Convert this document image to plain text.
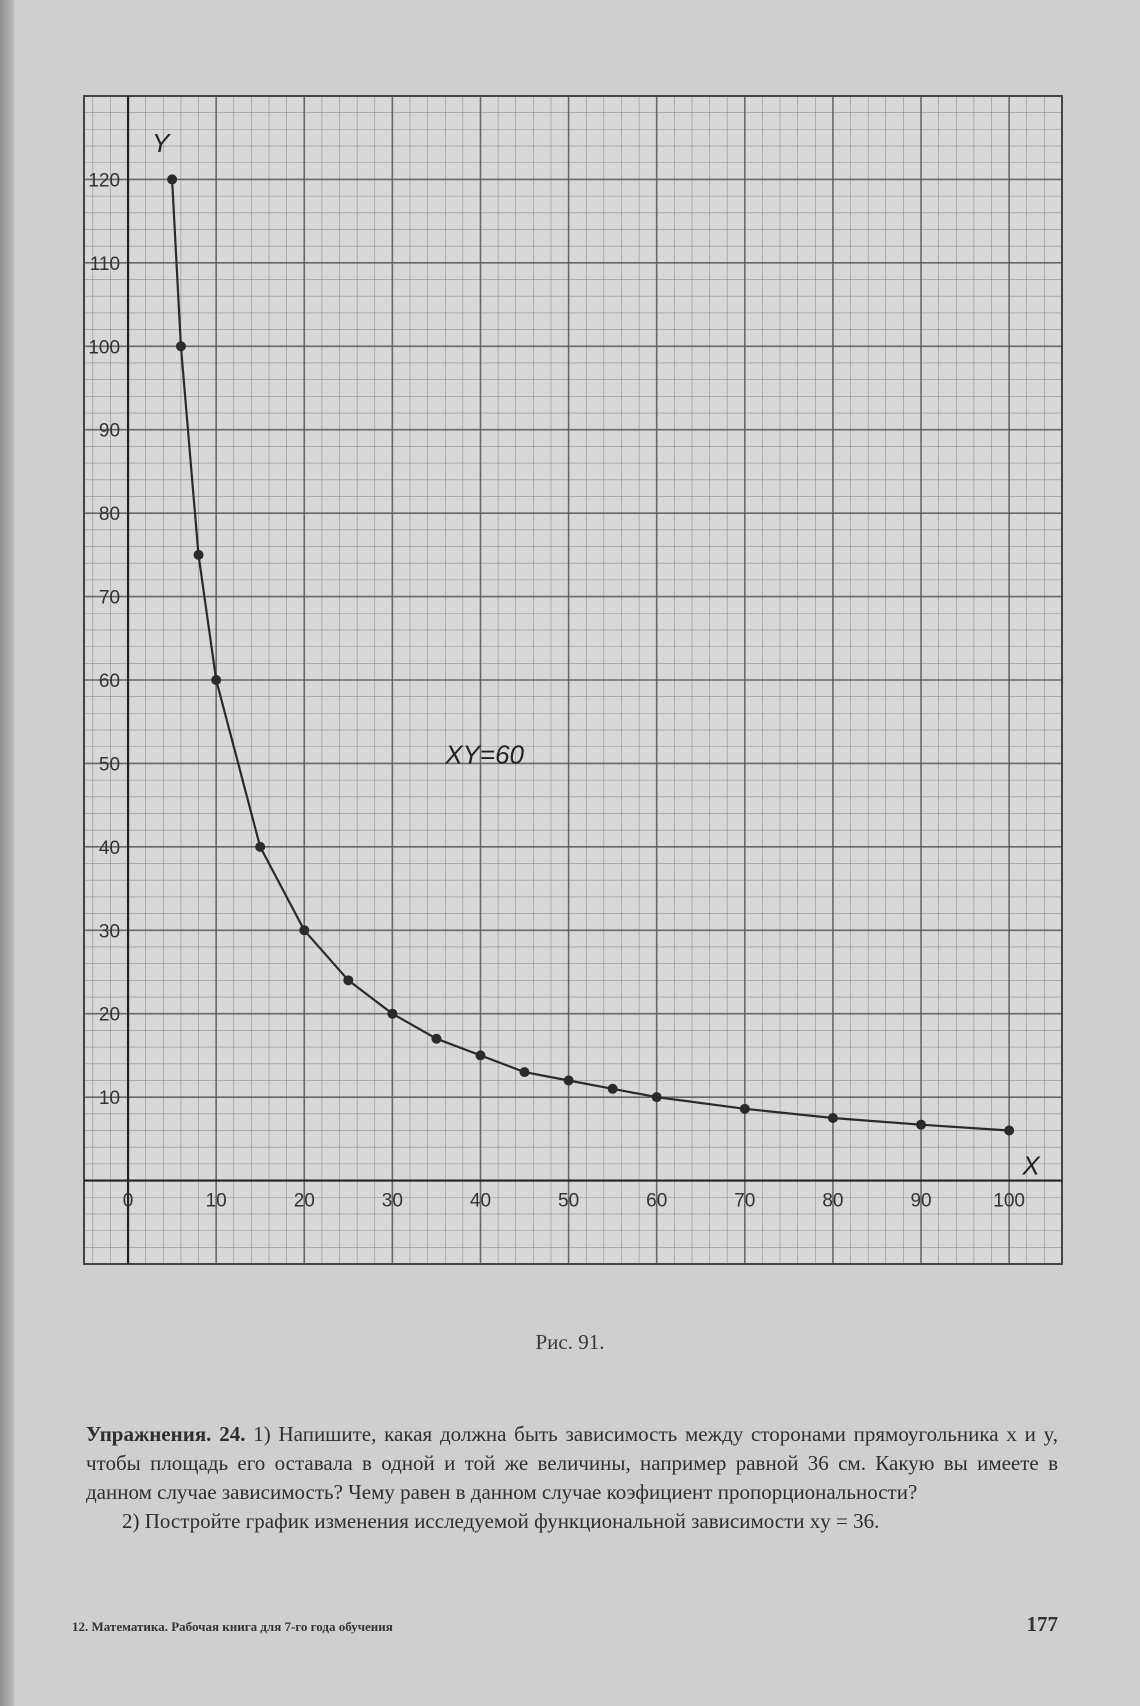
0	10	20	30	40	50	60	70	80	90	100
10
20
30
40
50
60
70
80
90
100
110
120
Y
X
XY=60
Рис. 91.

Упражнения. 24. 1) Напишите, какая должна быть зависимость между сторонами прямоугольника x и y, чтобы площадь его оставала в одной и той же величины, например равной 36 см. Какую вы имеете в данном случае зависимость? Чему равен в данном случае коэфициент пропорциональности?

2) Постройте график изменения исследуемой функциональной зависимости xy = 36.

12. Математика. Рабочая книга для 7-го года обучения	177
